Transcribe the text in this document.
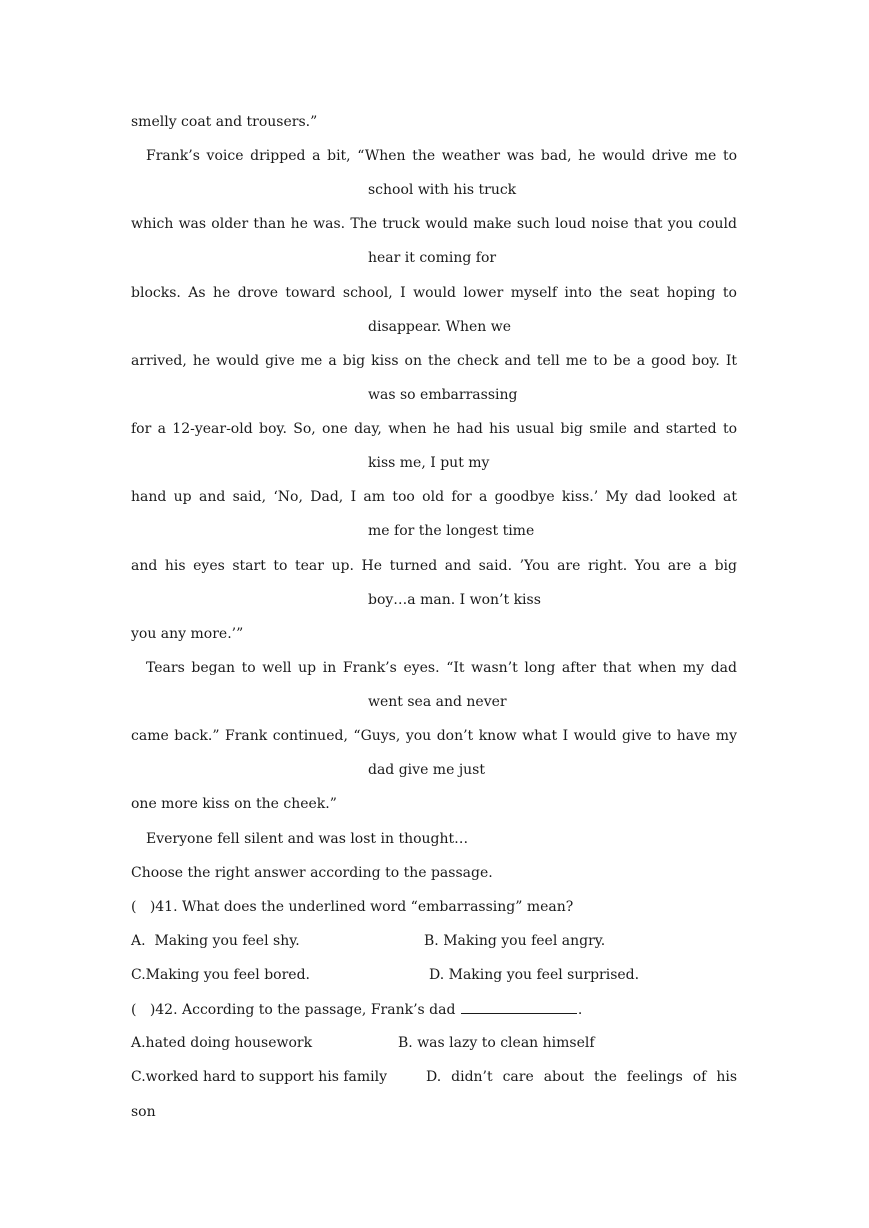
smelly coat and trousers.”
Frank’s voice dripped a bit, “When the weather was bad, he would drive me to
school with his truck
which was older than he was. The truck would make such loud noise that you could
hear it coming for
blocks. As he drove toward school, I would lower myself into the seat hoping to
disappear. When we
arrived, he would give me a big kiss on the check and tell me to be a good boy. It
was so embarrassing
for a 12-year-old boy. So, one day, when he had his usual big smile and started to
kiss me, I put my
hand up and said, ‘No, Dad, I am too old for a goodbye kiss.’ My dad looked at
me for the longest time
and his eyes start to tear up. He turned and said. ’You are right. You are a big
boy…a man. I won’t kiss
you any more.’”
Tears began to well up in Frank’s eyes. “It wasn’t long after that when my dad
went sea and never
came back.” Frank continued, “Guys, you don’t know what I would give to have my
dad give me just
one more kiss on the cheek.”
Everyone fell silent and was lost in thought…
Choose the right answer according to the passage.
(   )41. What does the underlined word “embarrassing” mean?
A.  Making you feel shy.	B. Making you feel angry.
C.Making you feel bored.	D. Making you feel surprised.
(   )42. According to the passage, Frank’s dad	.
A.hated doing housework	B. was lazy to clean himself
C.worked hard to support his family	D. didn’t care about the feelings of his
son
